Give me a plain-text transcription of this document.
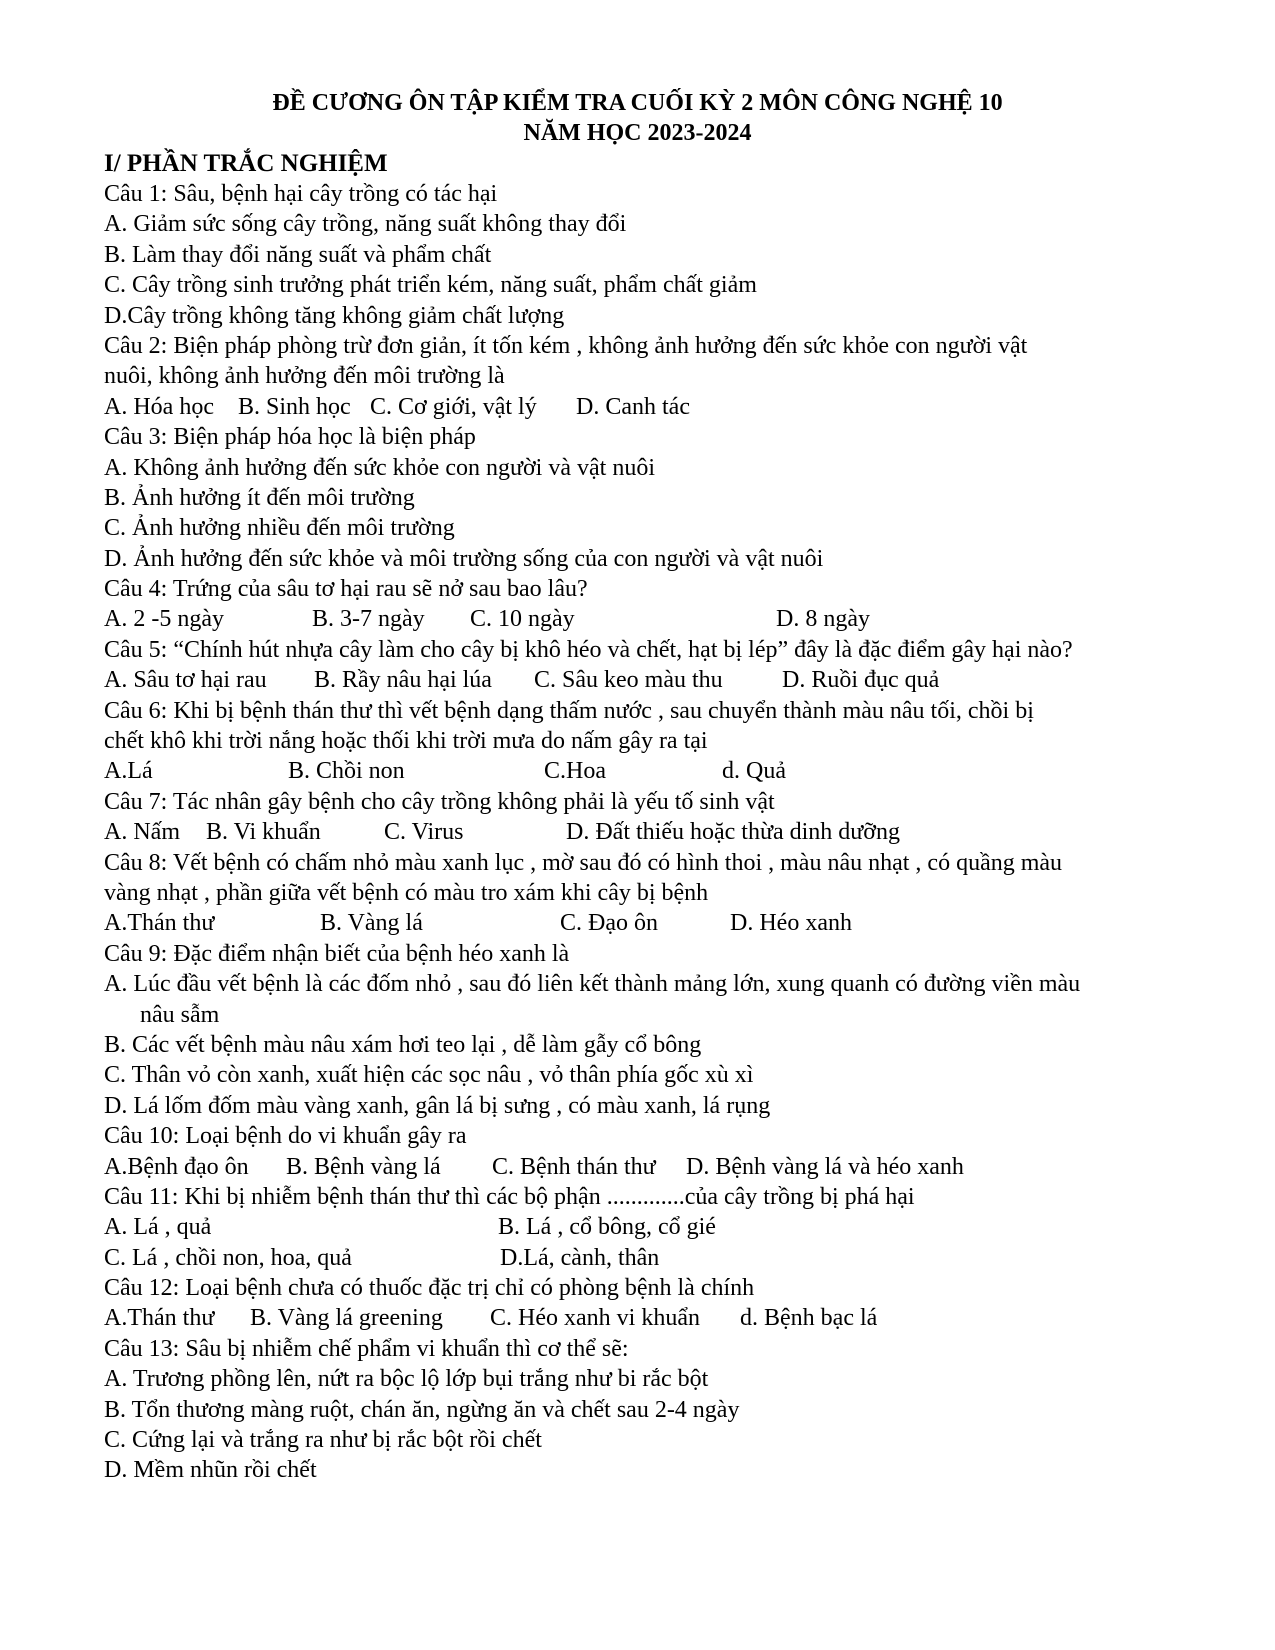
ĐỀ CƯƠNG ÔN TẬP KIỂM TRA CUỐI KỲ 2 MÔN CÔNG NGHỆ 10
NĂM HỌC 2023-2024
I/ PHẦN TRẮC NGHIỆM
Câu 1: Sâu, bệnh hại cây trồng có tác hại
A. Giảm sức sống cây trồng, năng suất không thay đổi
B. Làm thay đổi năng suất và phẩm chất
C. Cây trồng sinh trưởng phát triển kém, năng suất, phẩm chất giảm
D.Cây trồng không tăng không giảm chất lượng
Câu 2: Biện pháp phòng trừ đơn giản, ít tốn kém , không ảnh hưởng đến sức khỏe con người vật
nuôi, không ảnh hưởng đến môi trường là
A. Hóa học B. Sinh học C. Cơ giới, vật lý D. Canh tác
Câu 3: Biện pháp hóa học là biện pháp
A. Không ảnh hưởng đến sức khỏe con người và vật nuôi
B. Ảnh hưởng ít đến môi trường
C. Ảnh hưởng nhiều đến môi trường
D. Ảnh hưởng đến sức khỏe và môi trường sống của con người và vật nuôi
Câu 4: Trứng của sâu tơ hại rau sẽ nở sau bao lâu?
A. 2 -5 ngày	B. 3-7 ngày C. 10 ngày	D. 8 ngày
Câu 5: “Chính hút nhựa cây làm cho cây bị khô héo và chết, hạt bị lép” đây là đặc điểm gây hại nào?
A. Sâu tơ hại rau B. Rầy nâu hại lúa C. Sâu keo màu thu D. Ruồi đục quả
Câu 6: Khi bị bệnh thán thư thì vết bệnh dạng thấm nước , sau chuyển thành màu nâu tối, chồi bị
chết khô khi trời nắng hoặc thối khi trời mưa do nấm gây ra tại
A.Lá	B. Chồi non	C.Hoa	d. Quả
Câu 7: Tác nhân gây bệnh cho cây trồng không phải là yếu tố sinh vật
A. Nấm B. Vi khuẩn	C. Virus	D. Đất thiếu hoặc thừa dinh dưỡng
Câu 8: Vết bệnh có chấm nhỏ màu xanh lục , mờ sau đó có hình thoi , màu nâu nhạt , có quầng màu
vàng nhạt , phần giữa vết bệnh có màu tro xám khi cây bị bệnh
A.Thán thư	B. Vàng lá	C. Đạo ôn	D. Héo xanh
Câu 9: Đặc điểm nhận biết của bệnh héo xanh là
A. Lúc đầu vết bệnh là các đốm nhỏ , sau đó liên kết thành mảng lớn, xung quanh có đường viền màu
nâu sẫm
B. Các vết bệnh màu nâu xám hơi teo lại , dễ làm gẫy cổ bông
C. Thân vỏ còn xanh, xuất hiện các sọc nâu , vỏ thân phía gốc xù xì
D. Lá lốm đốm màu vàng xanh, gân lá bị sưng , có màu xanh, lá rụng
Câu 10: Loại bệnh do vi khuẩn gây ra
A.Bệnh đạo ôn B. Bệnh vàng lá C. Bệnh thán thư D. Bệnh vàng lá và héo xanh
Câu 11: Khi bị nhiễm bệnh thán thư thì các bộ phận .............của cây trồng bị phá hại
A. Lá , quả	B. Lá , cổ bông, cổ gié
C. Lá , chồi non, hoa, quả	D.Lá, cành, thân
Câu 12: Loại bệnh chưa có thuốc đặc trị chỉ có phòng bệnh là chính
A.Thán thư B. Vàng lá greening C. Héo xanh vi khuẩn d. Bệnh bạc lá
Câu 13: Sâu bị nhiễm chế phẩm vi khuẩn thì cơ thể sẽ:
A. Trương phồng lên, nứt ra bộc lộ lớp bụi trắng như bi rắc bột
B. Tổn thương màng ruột, chán ăn, ngừng ăn và chết sau 2-4 ngày
C. Cứng lại và trắng ra như bị rắc bột rồi chết
D. Mềm nhũn rồi chết
